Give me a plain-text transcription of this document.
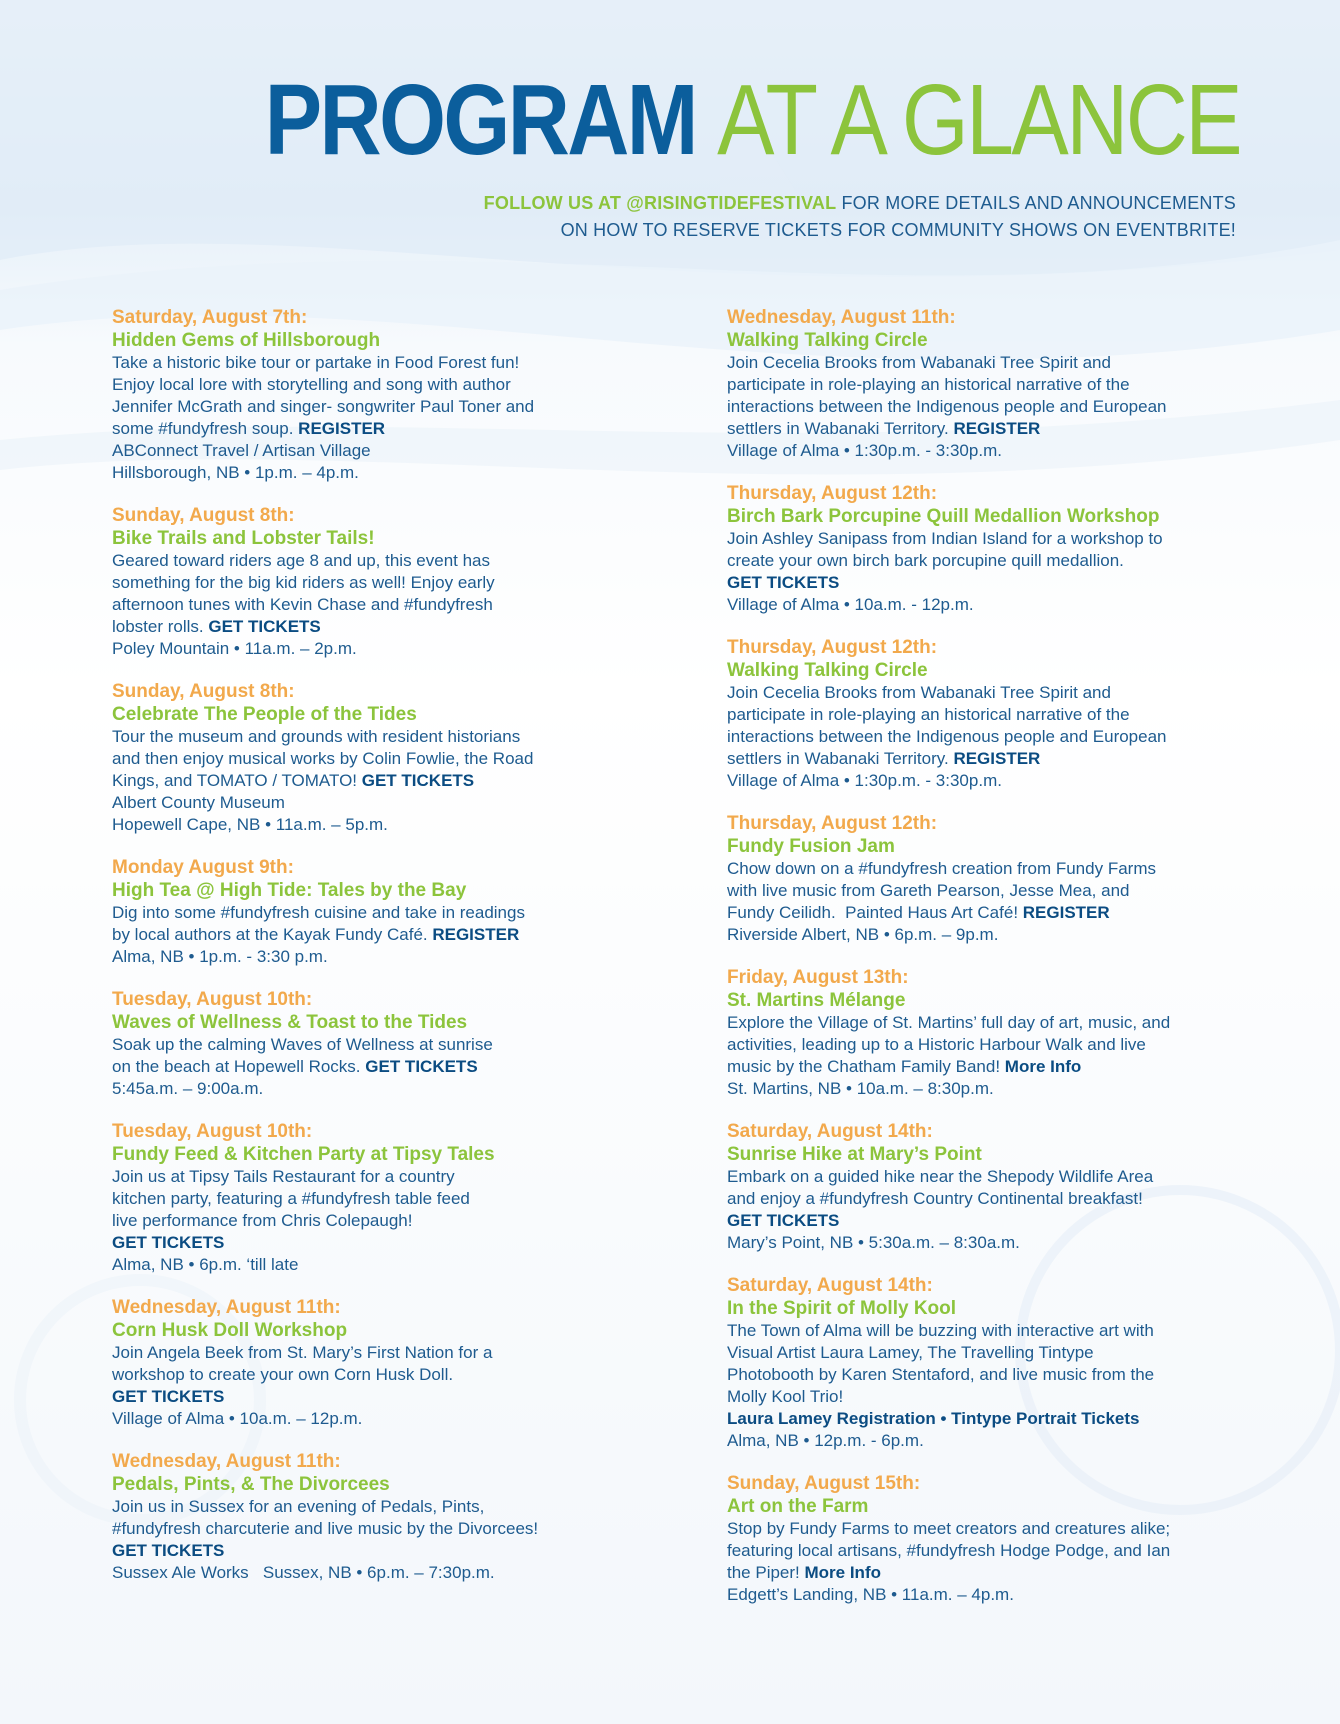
PROGRAM AT A GLANCE
FOLLOW US AT @RISINGTIDEFESTIVAL FOR MORE DETAILS AND ANNOUNCEMENTS
ON HOW TO RESERVE TICKETS FOR COMMUNITY SHOWS ON EVENTBRITE!
Saturday, August 7th:
Hidden Gems of Hillsborough
Take a historic bike tour or partake in Food Forest fun!
Enjoy local lore with storytelling and song with author
Jennifer McGrath and singer- songwriter Paul Toner and
some #fundyfresh soup. REGISTER
ABConnect Travel / Artisan Village
Hillsborough, NB • 1p.m. – 4p.m.
Sunday, August 8th:
Bike Trails and Lobster Tails!
Geared toward riders age 8 and up, this event has
something for the big kid riders as well! Enjoy early
afternoon tunes with Kevin Chase and #fundyfresh
lobster rolls. GET TICKETS
Poley Mountain • 11a.m. – 2p.m.
Sunday, August 8th:
Celebrate The People of the Tides
Tour the museum and grounds with resident historians
and then enjoy musical works by Colin Fowlie, the Road
Kings, and TOMATO / TOMATO! GET TICKETS
Albert County Museum
Hopewell Cape, NB • 11a.m. – 5p.m.
Monday August 9th:
High Tea @ High Tide: Tales by the Bay
Dig into some #fundyfresh cuisine and take in readings
by local authors at the Kayak Fundy Café. REGISTER
Alma, NB • 1p.m. - 3:30 p.m.
Tuesday, August 10th:
Waves of Wellness & Toast to the Tides
Soak up the calming Waves of Wellness at sunrise
on the beach at Hopewell Rocks. GET TICKETS
5:45a.m. – 9:00a.m.
Tuesday, August 10th:
Fundy Feed & Kitchen Party at Tipsy Tales
Join us at Tipsy Tails Restaurant for a country
kitchen party, featuring a #fundyfresh table feed
live performance from Chris Colepaugh!
GET TICKETS
Alma, NB • 6p.m. ‘till late
Wednesday, August 11th:
Corn Husk Doll Workshop
Join Angela Beek from St. Mary’s First Nation for a
workshop to create your own Corn Husk Doll.
GET TICKETS
Village of Alma • 10a.m. – 12p.m.
Wednesday, August 11th:
Pedals, Pints, & The Divorcees
Join us in Sussex for an evening of Pedals, Pints,
#fundyfresh charcuterie and live music by the Divorcees!
GET TICKETS
Sussex Ale Works   Sussex, NB • 6p.m. – 7:30p.m.
Wednesday, August 11th:
Walking Talking Circle
Join Cecelia Brooks from Wabanaki Tree Spirit and
participate in role-playing an historical narrative of the
interactions between the Indigenous people and European
settlers in Wabanaki Territory. REGISTER
Village of Alma • 1:30p.m. - 3:30p.m.
Thursday, August 12th:
Birch Bark Porcupine Quill Medallion Workshop
Join Ashley Sanipass from Indian Island for a workshop to
create your own birch bark porcupine quill medallion.
GET TICKETS
Village of Alma • 10a.m. - 12p.m.
Thursday, August 12th:
Walking Talking Circle
Join Cecelia Brooks from Wabanaki Tree Spirit and
participate in role-playing an historical narrative of the
interactions between the Indigenous people and European
settlers in Wabanaki Territory. REGISTER
Village of Alma • 1:30p.m. - 3:30p.m.
Thursday, August 12th:
Fundy Fusion Jam
Chow down on a #fundyfresh creation from Fundy Farms
with live music from Gareth Pearson, Jesse Mea, and
Fundy Ceilidh.  Painted Haus Art Café! REGISTER
Riverside Albert, NB • 6p.m. – 9p.m.
Friday, August 13th:
St. Martins Mélange
Explore the Village of St. Martins’ full day of art, music, and
activities, leading up to a Historic Harbour Walk and live
music by the Chatham Family Band! More Info
St. Martins, NB • 10a.m. – 8:30p.m.
Saturday, August 14th:
Sunrise Hike at Mary’s Point
Embark on a guided hike near the Shepody Wildlife Area
and enjoy a #fundyfresh Country Continental breakfast!
GET TICKETS
Mary’s Point, NB • 5:30a.m. – 8:30a.m.
Saturday, August 14th:
In the Spirit of Molly Kool
The Town of Alma will be buzzing with interactive art with
Visual Artist Laura Lamey, The Travelling Tintype
Photobooth by Karen Stentaford, and live music from the
Molly Kool Trio!
Laura Lamey Registration • Tintype Portrait Tickets
Alma, NB • 12p.m. - 6p.m.
Sunday, August 15th:
Art on the Farm
Stop by Fundy Farms to meet creators and creatures alike;
featuring local artisans, #fundyfresh Hodge Podge, and Ian
the Piper! More Info
Edgett’s Landing, NB • 11a.m. – 4p.m.
